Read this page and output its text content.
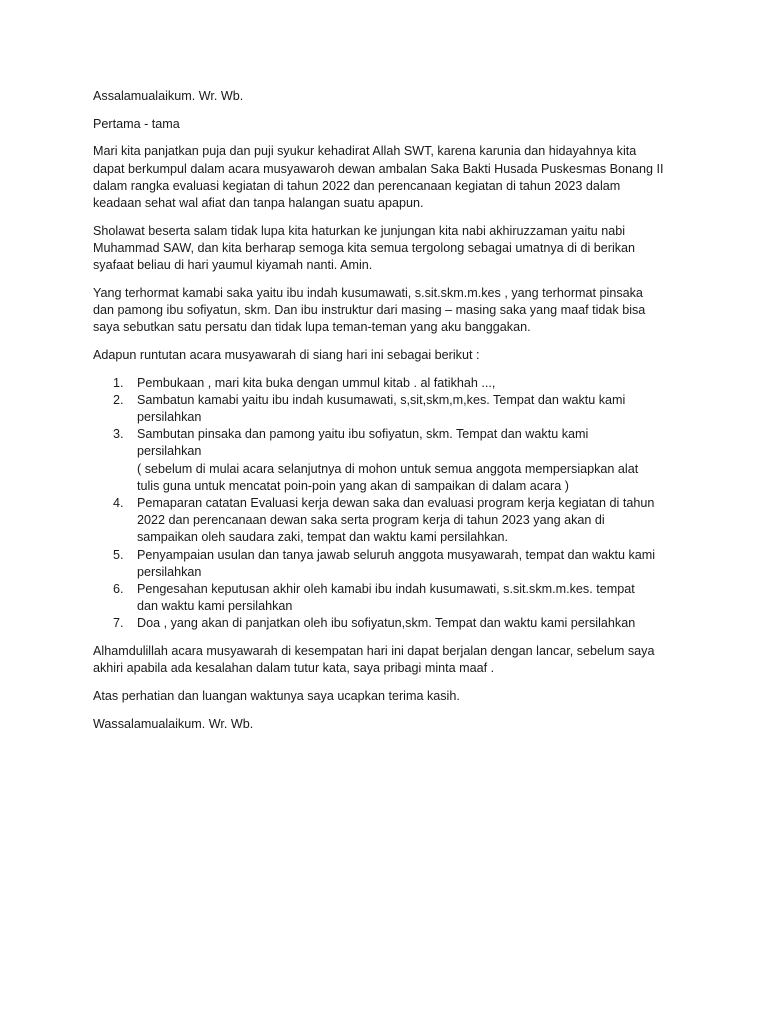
Assalamualaikum. Wr. Wb.

Pertama - tama

Mari kita panjatkan puja dan puji syukur kehadirat Allah SWT, karena karunia dan hidayahnya kita
dapat berkumpul dalam acara musyawaroh dewan ambalan Saka Bakti Husada Puskesmas Bonang II
dalam rangka evaluasi kegiatan di tahun 2022 dan perencanaan kegiatan di tahun 2023 dalam
keadaan sehat wal afiat dan tanpa halangan suatu apapun.

Sholawat beserta salam tidak lupa kita haturkan ke junjungan kita nabi akhiruzzaman yaitu nabi
Muhammad SAW, dan kita berharap semoga kita semua tergolong sebagai umatnya di di berikan
syafaat beliau di hari yaumul kiyamah nanti. Amin.

Yang terhormat kamabi saka yaitu ibu indah kusumawati, s.sit.skm.m.kes , yang terhormat pinsaka
dan pamong ibu sofiyatun, skm. Dan ibu instruktur dari masing – masing saka yang maaf tidak bisa
saya sebutkan satu persatu dan tidak lupa teman-teman yang aku banggakan.

Adapun runtutan acara musyawarah di siang hari ini sebagai berikut :

1.	Pembukaan , mari kita buka dengan ummul kitab . al fatikhah ...,
2.	Sambatun kamabi yaitu ibu indah kusumawati, s,sit,skm,m,kes. Tempat dan waktu kami
persilahkan
3.	Sambutan pinsaka dan pamong yaitu ibu sofiyatun, skm. Tempat dan waktu kami
persilahkan
( sebelum di mulai acara selanjutnya di mohon untuk semua anggota mempersiapkan alat
tulis guna untuk mencatat poin-poin yang akan di sampaikan di dalam acara )
4.	Pemaparan catatan Evaluasi kerja dewan saka dan evaluasi program kerja kegiatan di tahun
2022 dan perencanaan dewan saka serta program kerja di tahun 2023 yang akan di
sampaikan oleh saudara zaki, tempat dan waktu kami persilahkan.
5.	Penyampaian usulan dan tanya jawab seluruh anggota musyawarah, tempat dan waktu kami
persilahkan
6.	Pengesahan keputusan akhir oleh kamabi ibu indah kusumawati, s.sit.skm.m.kes. tempat
dan waktu kami persilahkan
7.	Doa , yang akan di panjatkan oleh ibu sofiyatun,skm. Tempat dan waktu kami persilahkan

Alhamdulillah acara musyawarah di kesempatan hari ini dapat berjalan dengan lancar, sebelum saya
akhiri apabila ada kesalahan dalam tutur kata, saya pribagi minta maaf .

Atas perhatian dan luangan waktunya saya ucapkan terima kasih.

Wassalamualaikum. Wr. Wb.
